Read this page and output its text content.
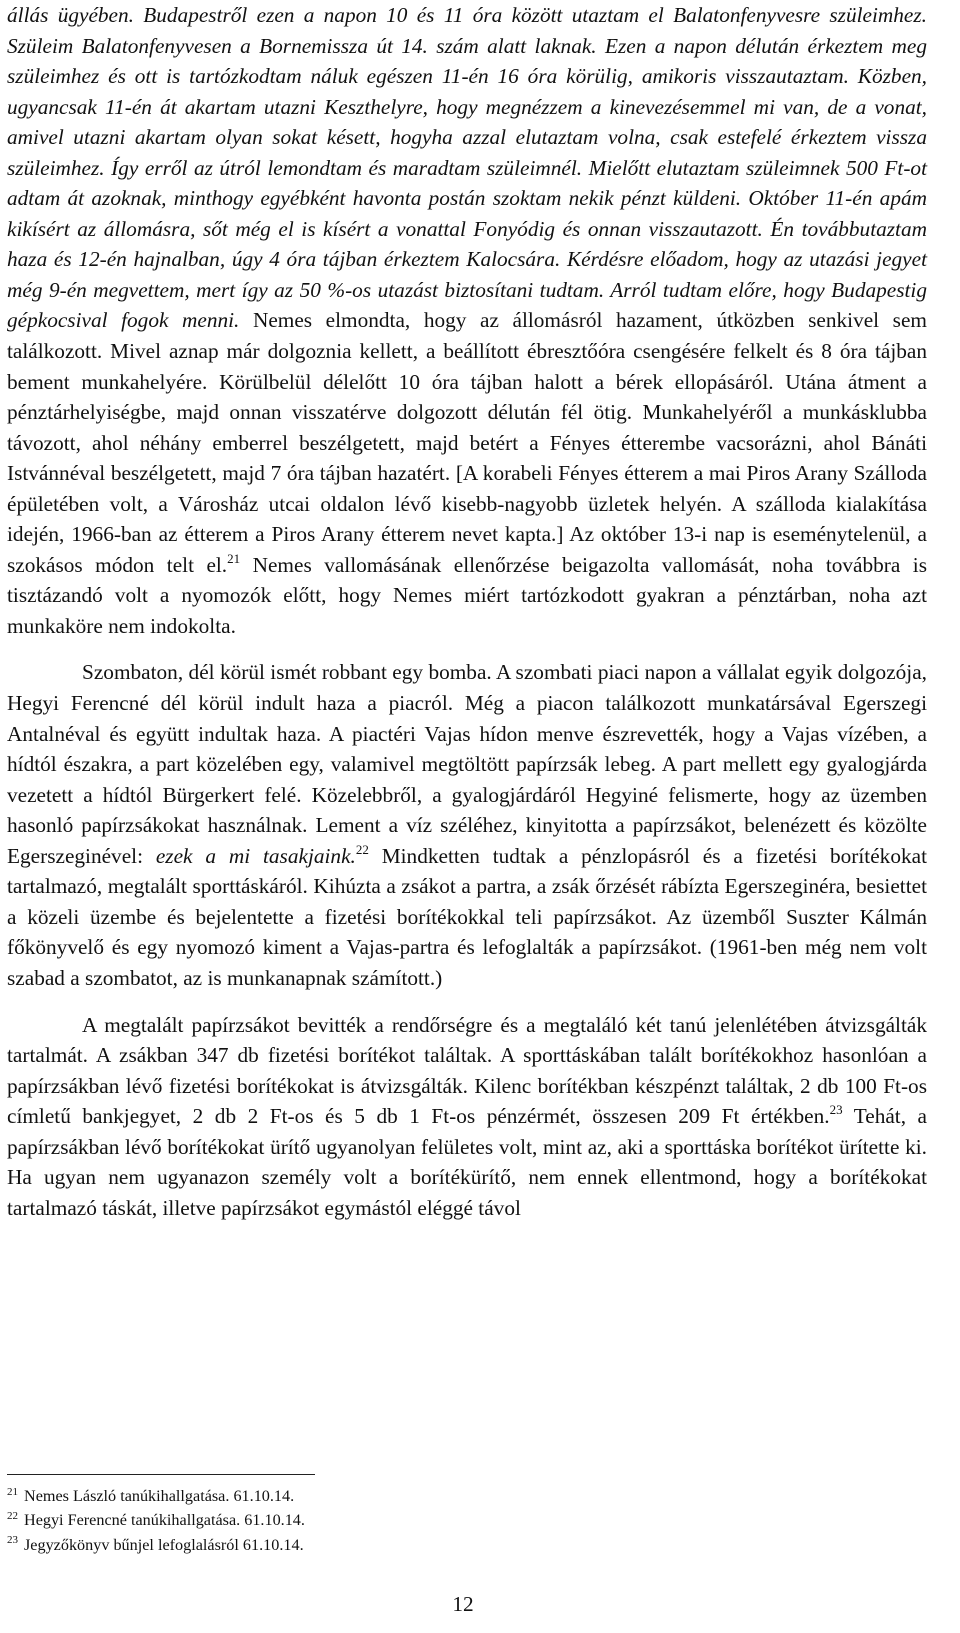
állás ügyében. Budapestről ezen a napon 10 és 11 óra között utaztam el Balatonfenyvesre szüleimhez. Szüleim Balatonfenyvesen a Bornemissza út 14. szám alatt laknak. Ezen a napon délután érkeztem meg szüleimhez és ott is tartózkodtam náluk egészen 11-én 16 óra körülig, amikoris visszautaztam. Közben, ugyancsak 11-én át akartam utazni Keszthelyre, hogy megnézzem a kinevezésemmel mi van, de a vonat, amivel utazni akartam olyan sokat késett, hogyha azzal elutaztam volna, csak estefelé érkeztem vissza szüleimhez. Így erről az útról lemondtam és maradtam szüleimnél. Mielőtt elutaztam szüleimnek 500 Ft-ot adtam át azoknak, minthogy egyébként havonta postán szoktam nekik pénzt küldeni. Október 11-én apám kikísért az állomásra, sőt még el is kísért a vonattal Fonyódig és onnan visszautazott. Én továbbutaztam haza és 12-én hajnalban, úgy 4 óra tájban érkeztem Kalocsára. Kérdésre előadom, hogy az utazási jegyet még 9-én megvettem, mert így az 50 %-os utazást biztosítani tudtam. Arról tudtam előre, hogy Budapestig gépkocsival fogok menni. Nemes elmondta, hogy az állomásról hazament, útközben senkivel sem találkozott. Mivel aznap már dolgoznia kellett, a beállított ébresztőóra csengésére felkelt és 8 óra tájban bement munkahelyére. Körülbelül délelőtt 10 óra tájban halott a bérek ellopásáról. Utána átment a pénztárhelyiségbe, majd onnan visszatérve dolgozott délután fél ötig. Munkahelyéről a munkásklubba távozott, ahol néhány emberrel beszélgetett, majd betért a Fényes étterembe vacsorázni, ahol Bánáti Istvánnéval beszélgetett, majd 7 óra tájban hazatért. [A korabeli Fényes étterem a mai Piros Arany Szálloda épületében volt, a Városház utcai oldalon lévő kisebb-nagyobb üzletek helyén. A szálloda kialakítása idején, 1966-ban az étterem a Piros Arany étterem nevet kapta.] Az október 13-i nap is eseménytelenül, a szokásos módon telt el.$^{21}$ Nemes vallomásának ellenőrzése beigazolta vallomását, noha továbbra is tisztázandó volt a nyomozók előtt, hogy Nemes miért tartózkodott gyakran a pénztárban, noha azt munkaköre nem indokolta.

Szombaton, dél körül ismét robbant egy bomba. A szombati piaci napon a vállalat egyik dolgozója, Hegyi Ferencné dél körül indult haza a piacról. Még a piacon találkozott munkatársával Egerszegi Antalnéval és együtt indultak haza. A piactéri Vajas hídon menve észrevették, hogy a Vajas vízében, a hídtól északra, a part közelében egy, valamivel megtöltött papírzsák lebeg. A part mellett egy gyalogjárda vezetett a hídtól Bürgerkert felé. Közelebbről, a gyalogjárdáról Hegyiné felismerte, hogy az üzemben hasonló papírzsákokat használnak. Lement a víz széléhez, kinyitotta a papírzsákot, belenézett és közölte Egerszeginével: ezek a mi tasakjaink.$^{22}$ Mindketten tudtak a pénzlopásról és a fizetési borítékokat tartalmazó, megtalált sporttáskáról. Kihúzta a zsákot a partra, a zsák őrzését rábízta Egerszeginéra, besiettet a közeli üzembe és bejelentette a fizetési borítékokkal teli papírzsákot. Az üzemből Suszter Kálmán főkönyvelő és egy nyomozó kiment a Vajas-partra és lefoglalták a papírzsákot. (1961-ben még nem volt szabad a szombatot, az is munkanapnak számított.)

A megtalált papírzsákot bevitték a rendőrségre és a megtaláló két tanú jelenlétében átvizsgálták tartalmát. A zsákban 347 db fizetési borítékot találtak. A sporttáskában talált borítékokhoz hasonlóan a papírzsákban lévő fizetési borítékokat is átvizsgálták. Kilenc borítékban készpénzt találtak, 2 db 100 Ft-os címletű bankjegyet, 2 db 2 Ft-os és 5 db 1 Ft-os pénzérmét, összesen 209 Ft értékben.$^{23}$ Tehát, a papírzsákban lévő borítékokat ürítő ugyanolyan felületes volt, mint az, aki a sporttáska borítékot ürítette ki. Ha ugyan nem ugyanazon személy volt a borítékürítő, nem ennek ellentmond, hogy a borítékokat tartalmazó táskát, illetve papírzsákot egymástól eléggé távol

$^{21}$ Nemes László tanúkihallgatása. 61.10.14.
$^{22}$ Hegyi Ferencné tanúkihallgatása. 61.10.14.
$^{23}$ Jegyzőkönyv bűnjel lefoglalásról 61.10.14.
12
